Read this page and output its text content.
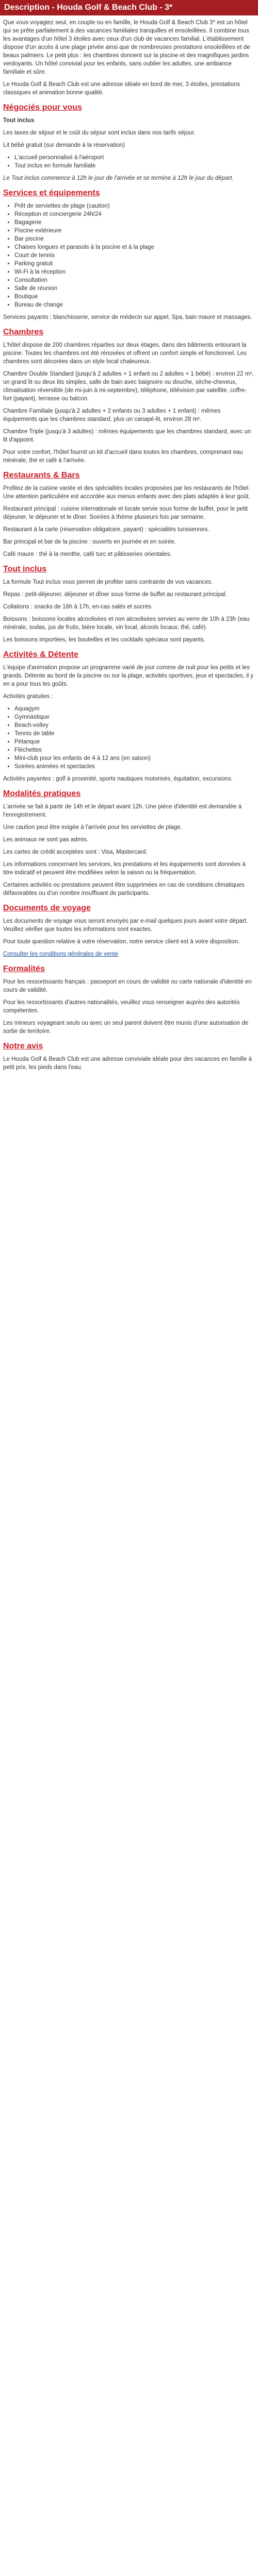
Description - Houda Golf & Beach Club - 3*

Que vous voyagiez seul, en couple ou en famille, le Houda Golf & Beach Club 3* est un hôtel qui se prête parfaitement à des vacances familiales tranquilles et ensoleillées. Il combine tous les avantages d'un hôtel 3 étoiles avec ceux d'un club de vacances familial. L'établissement dispose d'un accès à une plage privée ainsi que de nombreuses prestations ensoleillées et de beaux palmiers. Le petit plus : les chambres donnent sur la piscine et des magnifiques jardins verdoyants. Un hôtel convivial pour les enfants, sans oublier les adultes, une ambiance familiale et sûre.

Le Houda Golf & Beach Club est une adresse idéale en bord de mer, 3 étoiles, prestations classiques et animation bonne qualité.

Négociés pour vous

Tout inclus

Les taxes de séjour et le coût du séjour sont inclus dans nos tarifs séjour.

Lit bébé gratuit (sur demande à la réservation)

• L'accueil personnalisé à l'aéroport
• Tout inclus en formule familiale

Le Tout inclus commence à 12h le jour de l'arrivée et se termine à 12h le jour du départ.

Services et équipements
• Prêt de serviettes de plage (caution)
• Réception et conciergerie 24h/24
• Bagagerie
• Piscine extérieure
• Bar piscine
• Chaises longues et parasols à la piscine et à la plage
• Court de tennis
• Parking gratuit
• Wi-Fi à la réception
• Consultation
• Salle de réunion
• Boutique
• Bureau de change

Services payants : blanchisserie, service de médecin sur appel, Spa, bain maure et massages.

Chambres

L'hôtel dispose de 200 chambres réparties sur deux étages, dans des bâtiments entourant la piscine. Toutes les chambres ont été rénovées et offrent un confort simple et fonctionnel. Les chambres sont décorées dans un style local chaleureux.

Chambre Double Standard (jusqu'à 2 adultes + 1 enfant ou 2 adultes + 1 bébé) : environ 22 m², un grand lit ou deux lits simples, salle de bain avec baignoire ou douche, sèche-cheveux, climatisation réversible (de mi-juin à mi-septembre), téléphone, télévision par satellite, coffre-fort (payant), terrasse ou balcon.

Chambre Familiale (jusqu'à 2 adultes + 2 enfants ou 3 adultes + 1 enfant) : mêmes équipements que les chambres standard, plus un canapé-lit, environ 28 m².

Chambre Triple (jusqu'à 3 adultes) : mêmes équipements que les chambres standard, avec un lit d'appoint.

Pour votre confort, l'hôtel fournit un kit d'accueil dans toutes les chambres, comprenant eau minérale, thé et café à l'arrivée.

Restaurants & Bars

Profitez de la cuisine variée et des spécialités locales proposées par les restaurants de l'hôtel. Une attention particulière est accordée aux menus enfants avec des plats adaptés à leur goût.

Restaurant principal : cuisine internationale et locale servie sous forme de buffet, pour le petit déjeuner, le déjeuner et le dîner. Soirées à thème plusieurs fois par semaine.

Restaurant à la carte (réservation obligatoire, payant) : spécialités tunisiennes.

Bar principal et bar de la piscine : ouverts en journée et en soirée.

Café maure : thé à la menthe, café turc et pâtisseries orientales.

Tout inclus

La formule Tout inclus vous permet de profiter sans contrainte de vos vacances.

Repas : petit-déjeuner, déjeuner et dîner sous forme de buffet au restaurant principal.

Collations : snacks de 16h à 17h, en-cas salés et sucrés.

Boissons : boissons locales alcoolisées et non alcoolisées servies au verre de 10h à 23h (eau minérale, sodas, jus de fruits, bière locale, vin local, alcools locaux, thé, café).

Les boissons importées, les bouteilles et les cocktails spéciaux sont payants.

Activités & Détente

L'équipe d'animation propose un programme varié de jour comme de nuit pour les petits et les grands. Détente au bord de la piscine ou sur la plage, activités sportives, jeux et spectacles, il y en a pour tous les goûts.

Activités gratuites :

• Aquagym
• Gymnastique
• Beach-volley
• Tennis de table
• Pétanque
• Fléchettes
• Mini-club pour les enfants de 4 à 12 ans (en saison)
• Soirées animées et spectacles

Activités payantes : golf à proximité, sports nautiques motorisés, équitation, excursions.

Modalités pratiques

L'arrivée se fait à partir de 14h et le départ avant 12h. Une pièce d'identité est demandée à l'enregistrement.

Une caution peut être exigée à l'arrivée pour les serviettes de plage.

Les animaux ne sont pas admis.

Les cartes de crédit acceptées sont : Visa, Mastercard.

Les informations concernant les services, les prestations et les équipements sont données à titre indicatif et peuvent être modifiées selon la saison ou la fréquentation.

Certaines activités ou prestations peuvent être supprimées en cas de conditions climatiques défavorables ou d'un nombre insuffisant de participants.

Documents de voyage

Les documents de voyage vous seront envoyés par e-mail quelques jours avant votre départ. Veuillez vérifier que toutes les informations sont exactes.

Pour toute question relative à votre réservation, notre service client est à votre disposition.

Consulter les conditions générales de vente

Formalités

Pour les ressortissants français : passeport en cours de validité ou carte nationale d'identité en cours de validité.

Pour les ressortissants d'autres nationalités, veuillez vous renseigner auprès des autorités compétentes.

Les mineurs voyageant seuls ou avec un seul parent doivent être munis d'une autorisation de sortie de territoire.

Notre avis

Le Houda Golf & Beach Club est une adresse conviviale idéale pour des vacances en famille à petit prix, les pieds dans l'eau.
